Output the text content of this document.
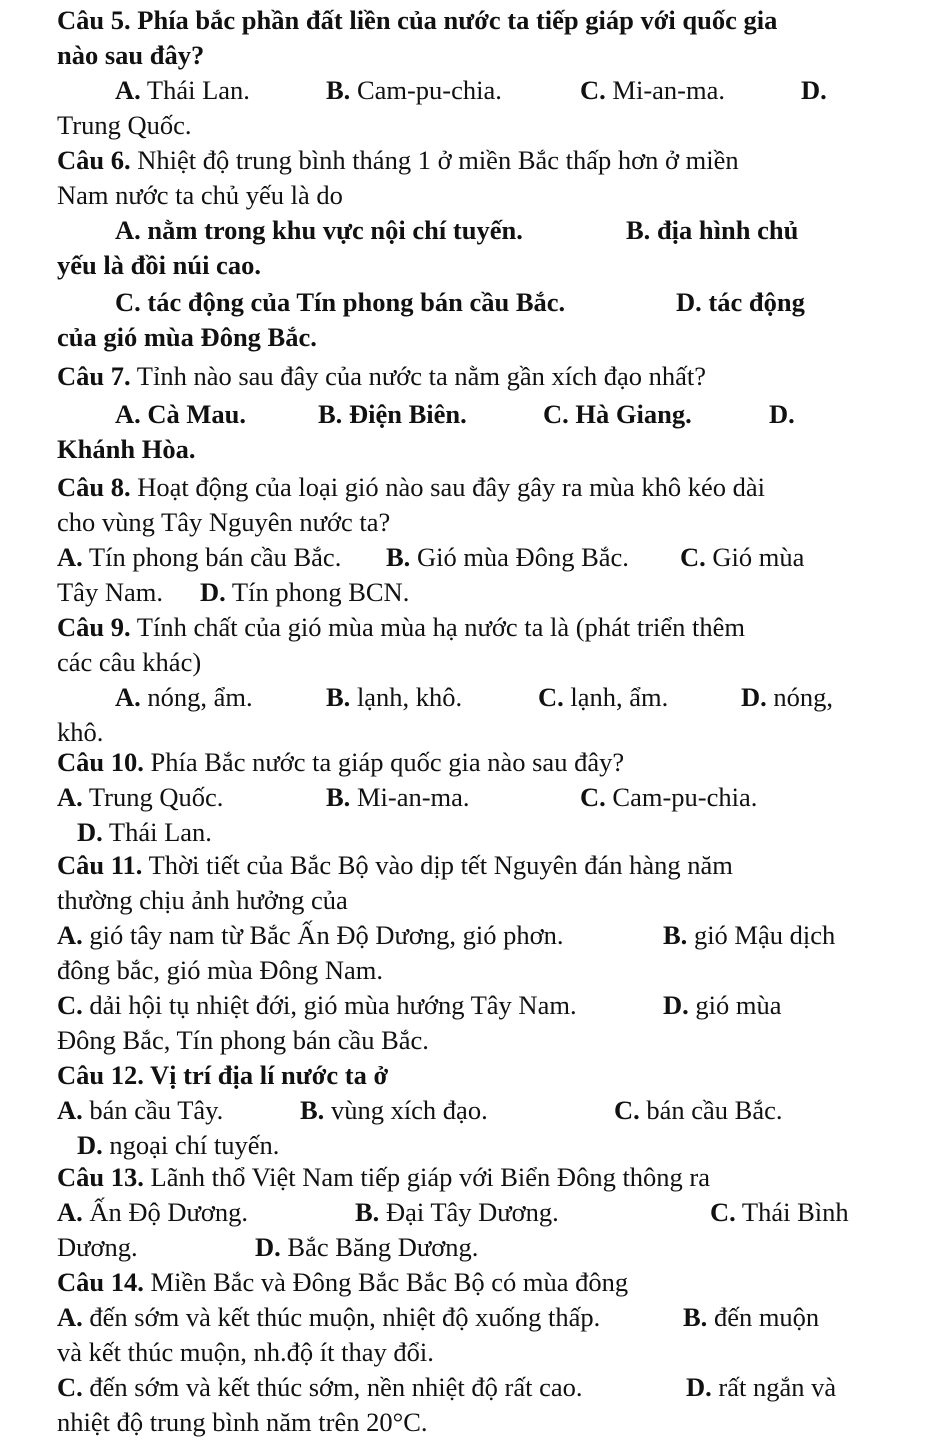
Câu 5. Phía bắc phần đất liền của nước ta tiếp giáp với quốc gia
nào sau đây?
A. Thái Lan.	B. Cam-pu-chia.	C. Mi-an-ma.	D.
Trung Quốc.
Câu 6. Nhiệt độ trung bình tháng 1 ở miền Bắc thấp hơn ở miền
Nam nước ta chủ yếu là do
A. nằm trong khu vực nội chí tuyến.	B. địa hình chủ
yếu là đồi núi cao.
C. tác động của Tín phong bán cầu Bắc.	D. tác động
của gió mùa Đông Bắc.
Câu 7. Tỉnh nào sau đây của nước ta nằm gần xích đạo nhất?
A. Cà Mau.	B. Điện Biên.	C. Hà Giang.	D.
Khánh Hòa.
Câu 8. Hoạt động của loại gió nào sau đây gây ra mùa khô kéo dài
cho vùng Tây Nguyên nước ta?
A. Tín phong bán cầu Bắc. B. Gió mùa Đông Bắc. C. Gió mùa
Tây Nam. D. Tín phong BCN.
Câu 9. Tính chất của gió mùa mùa hạ nước ta là (phát triển thêm
các câu khác)
A. nóng, ẩm.	B. lạnh, khô.	C. lạnh, ẩm.	D. nóng,
khô.
Câu 10. Phía Bắc nước ta giáp quốc gia nào sau đây?
A. Trung Quốc.	B. Mi-an-ma.	C. Cam-pu-chia.
D. Thái Lan.
Câu 11. Thời tiết của Bắc Bộ vào dịp tết Nguyên đán hàng năm
thường chịu ảnh hưởng của
A. gió tây nam từ Bắc Ấn Độ Dương, gió phơn.	B. gió Mậu dịch
đông bắc, gió mùa Đông Nam.
C. dải hội tụ nhiệt đới, gió mùa hướng Tây Nam.	D. gió mùa
Đông Bắc, Tín phong bán cầu Bắc.
Câu 12. Vị trí địa lí nước ta ở
A. bán cầu Tây.	B. vùng xích đạo.	C. bán cầu Bắc.
D. ngoại chí tuyến.
Câu 13. Lãnh thổ Việt Nam tiếp giáp với Biển Đông thông ra
A. Ấn Độ Dương.	B. Đại Tây Dương.	C. Thái Bình
Dương.	D. Bắc Băng Dương.
Câu 14. Miền Bắc và Đông Bắc Bắc Bộ có mùa đông
A. đến sớm và kết thúc muộn, nhiệt độ xuống thấp.	B. đến muộn
và kết thúc muộn, nh.độ ít thay đổi.
C. đến sớm và kết thúc sớm, nền nhiệt độ rất cao.	D. rất ngắn và
nhiệt độ trung bình năm trên 20°C.
